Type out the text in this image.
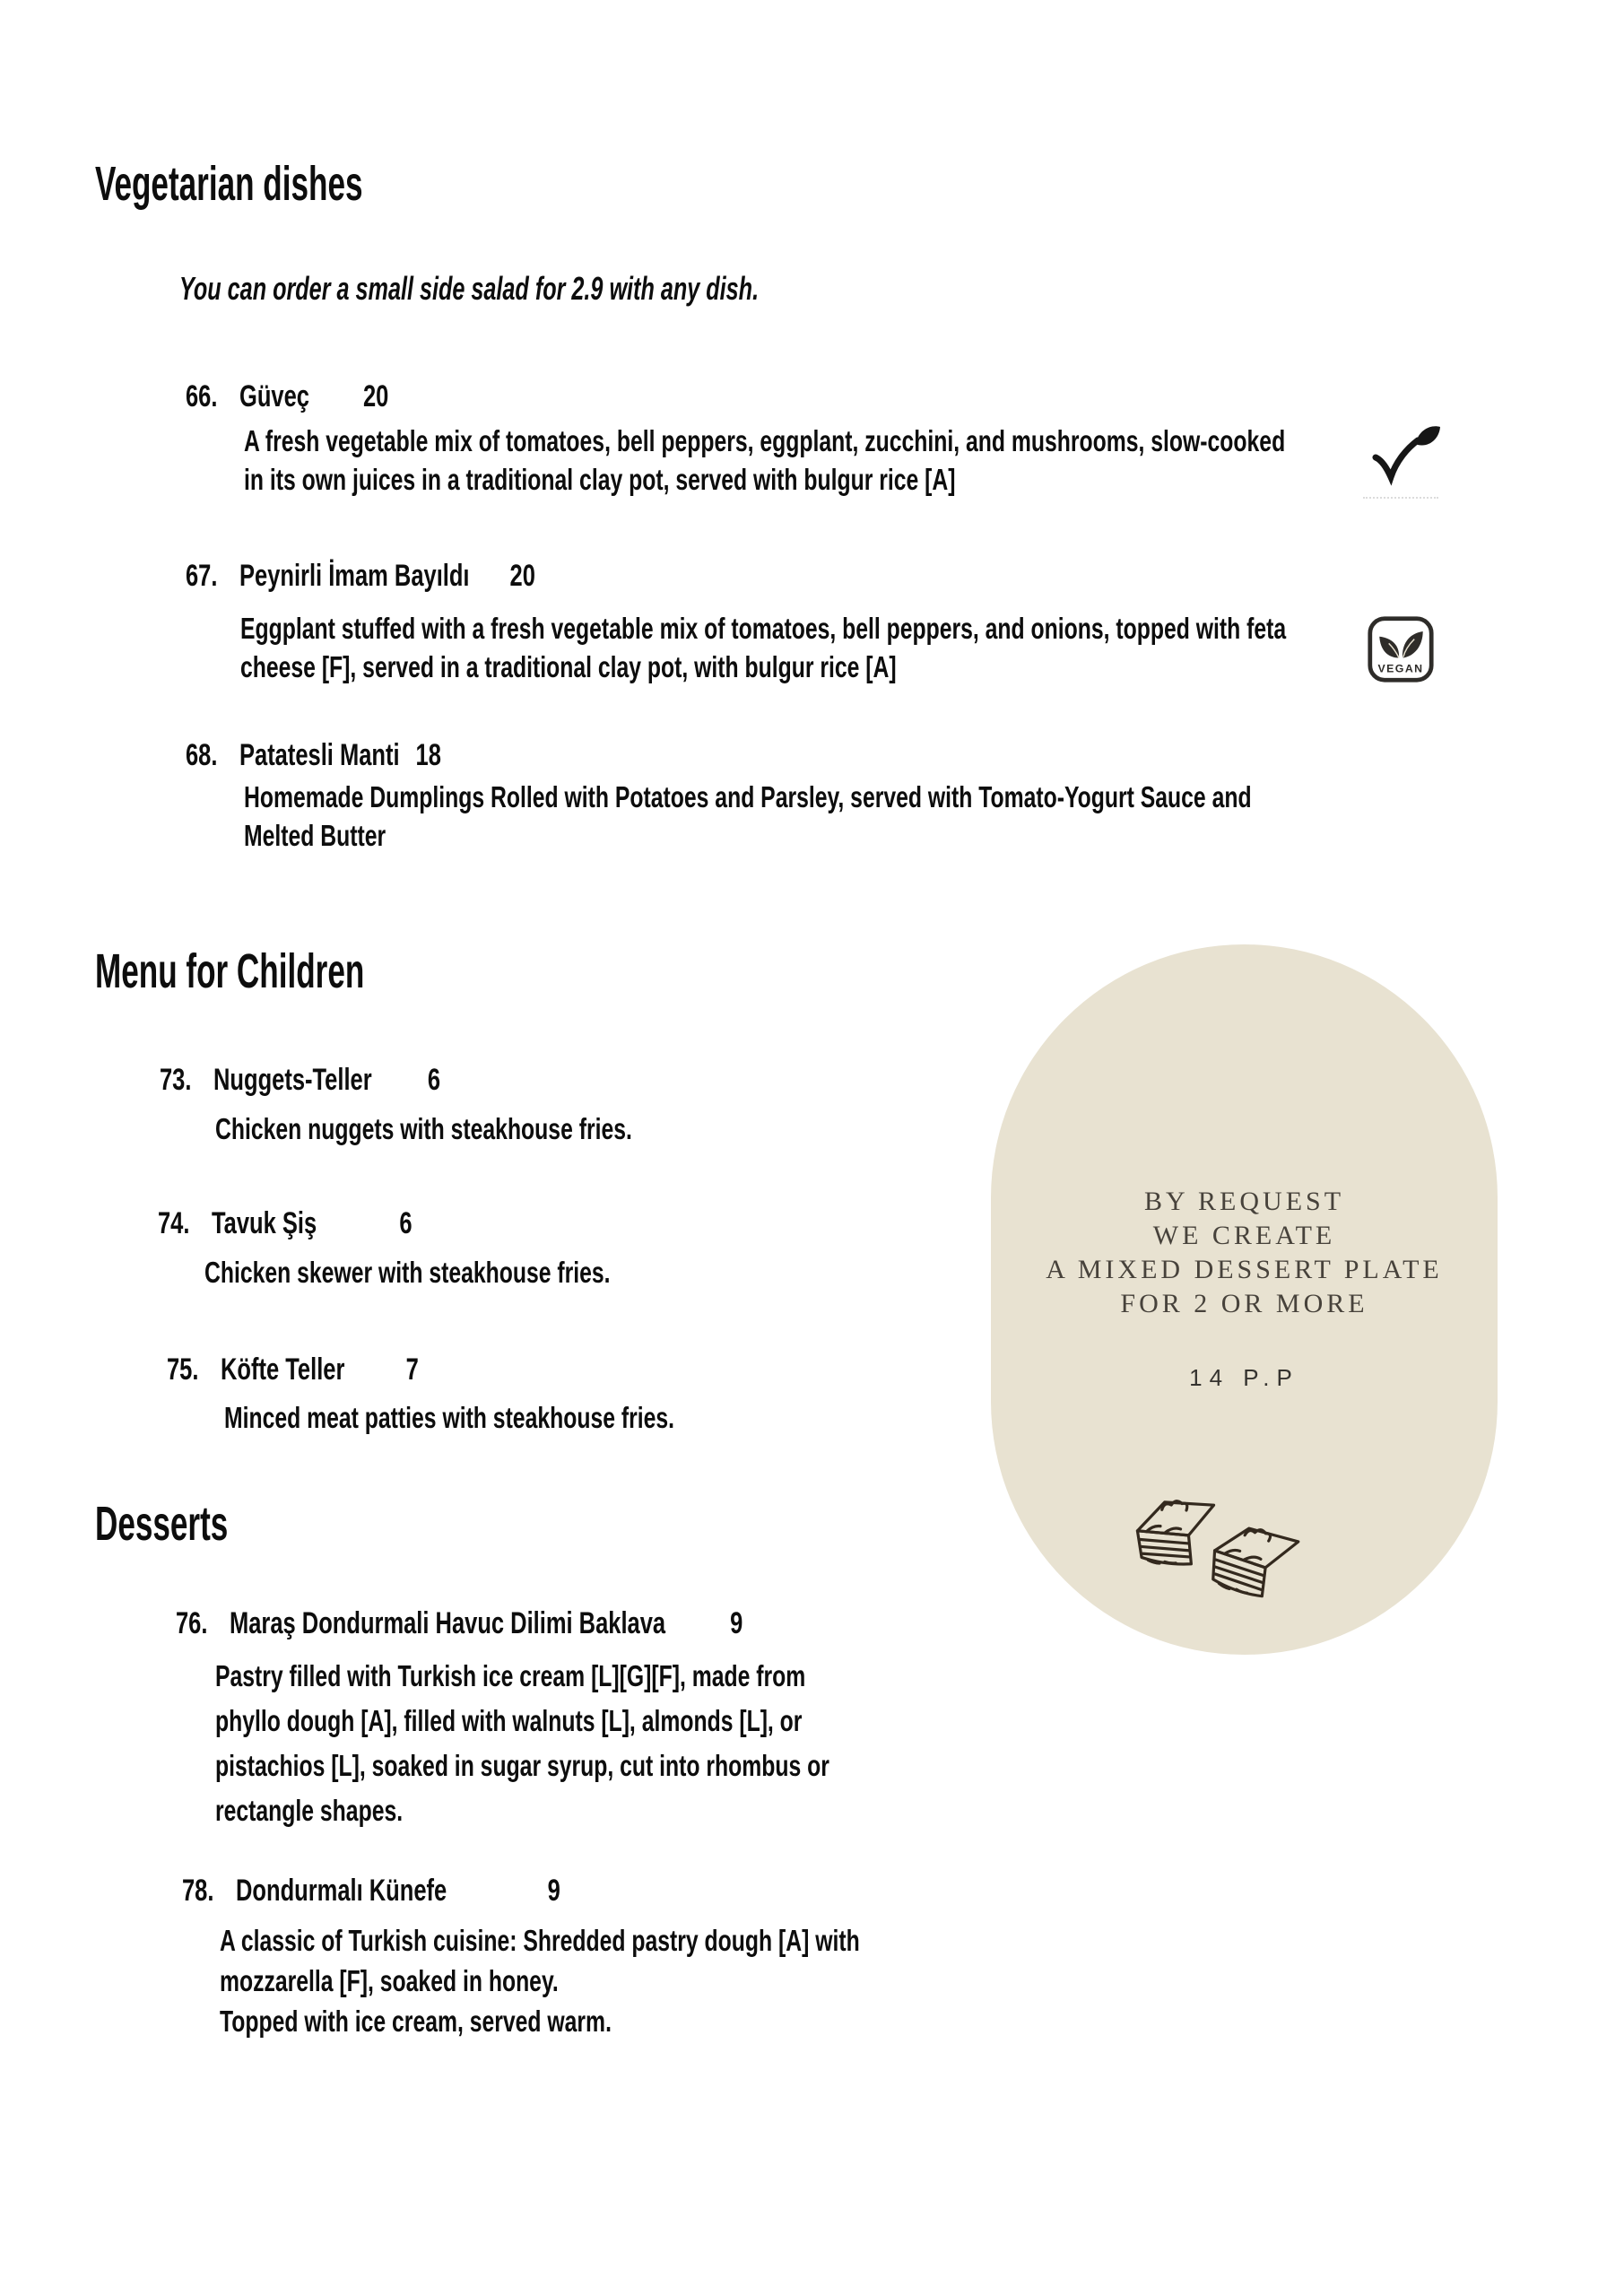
Vegetarian dishes
You can order a small side salad for 2.9 with any dish.
66. Güveç 20
A fresh vegetable mix of tomatoes, bell peppers, eggplant, zucchini, and mushrooms, slow-cooked
in its own juices in a traditional clay pot, served with bulgur rice [A]
67. Peynirli İmam Bayıldı 20
Eggplant stuffed with a fresh vegetable mix of tomatoes, bell peppers, and onions, topped with feta
cheese [F], served in a traditional clay pot, with bulgur rice [A]	VEGAN
68. Patatesli Manti 18
Homemade Dumplings Rolled with Potatoes and Parsley, served with Tomato-Yogurt Sauce and
Melted Butter
Menu for Children
73. Nuggets-Teller 6
Chicken nuggets with steakhouse fries.
74. Tavuk Şiş	6
Chicken skewer with steakhouse fries.
75. Köfte Teller 7
Minced meat patties with steakhouse fries.
Desserts
76. Maraş Dondurmali Havuc Dilimi Baklava 9
Pastry filled with Turkish ice cream [L][G][F], made from
phyllo dough [A], filled with walnuts [L], almonds [L], or
pistachios [L], soaked in sugar syrup, cut into rhombus or
rectangle shapes.
78. Dondurmalı Künefe	9
A classic of Turkish cuisine: Shredded pastry dough [A] with
mozzarella [F], soaked in honey.
Topped with ice cream, served warm.
BY REQUEST
WE CREATE
A MIXED DESSERT PLATE
FOR 2 OR MORE
14 P.P
